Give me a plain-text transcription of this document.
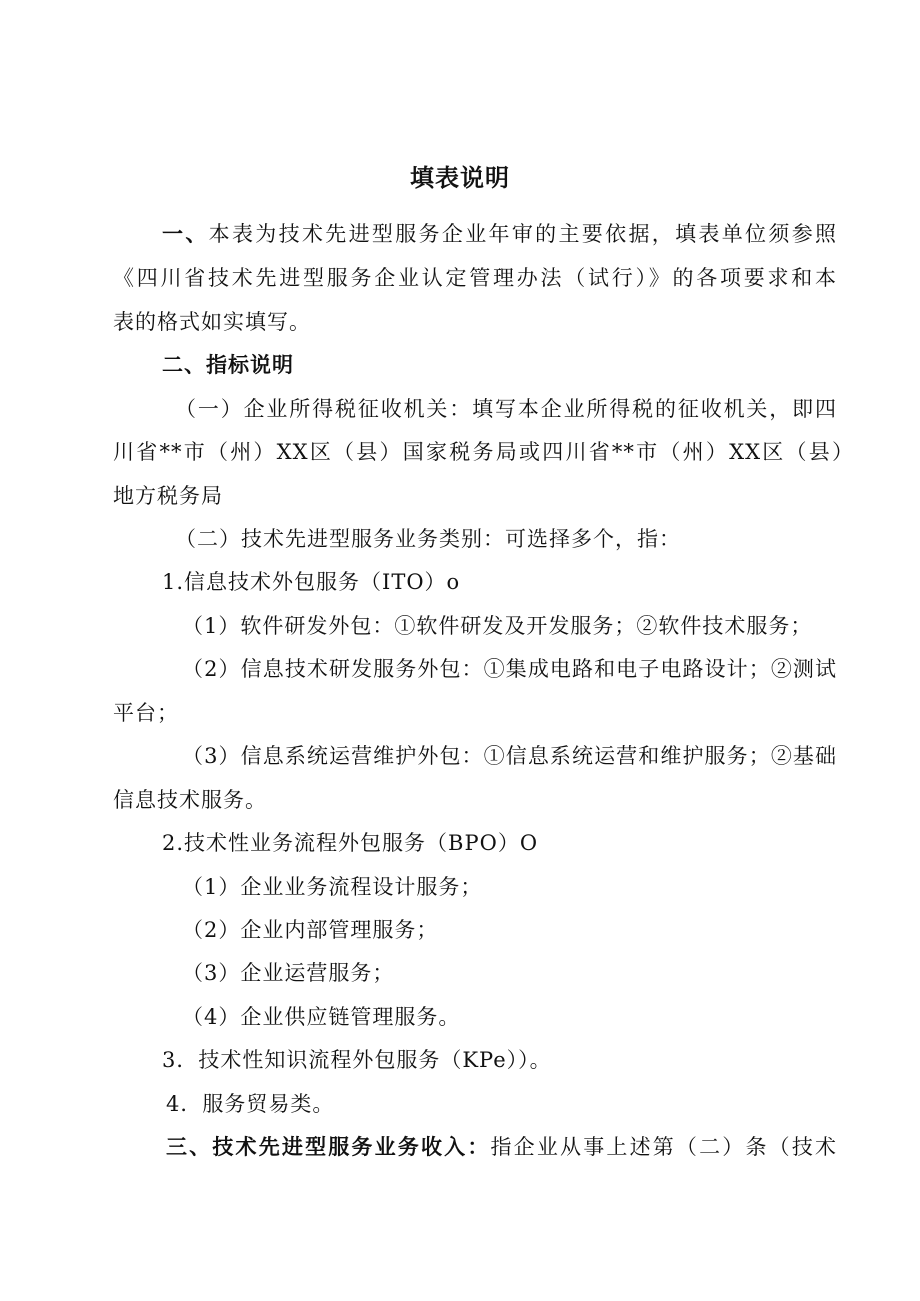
填表说明
一、本表为技术先进型服务企业年审的主要依据，填表单位须参照
《四川省技术先进型服务企业认定管理办法（试行）》的各项要求和本
表的格式如实填写。
二、指标说明
（一）企业所得税征收机关：填写本企业所得税的征收机关，即四
川省**市（州）XX区（县）国家税务局或四川省**市（州）XX区（县）
地方税务局
（二）技术先进型服务业务类别：可选择多个，指：
1.信息技术外包服务（ITO）o
（1）软件研发外包：①软件研发及开发服务；②软件技术服务；
（2）信息技术研发服务外包：①集成电路和电子电路设计；②测试
平台；
（3）信息系统运营维护外包：①信息系统运营和维护服务；②基础
信息技术服务。
2.技术性业务流程外包服务（BPO）O
（1）企业业务流程设计服务；
（2）企业内部管理服务；
（3）企业运营服务；
（4）企业供应链管理服务。
3．技术性知识流程外包服务（KPe））。
4．服务贸易类。
三、技术先进型服务业务收入：指企业从事上述第（二）条（技术
